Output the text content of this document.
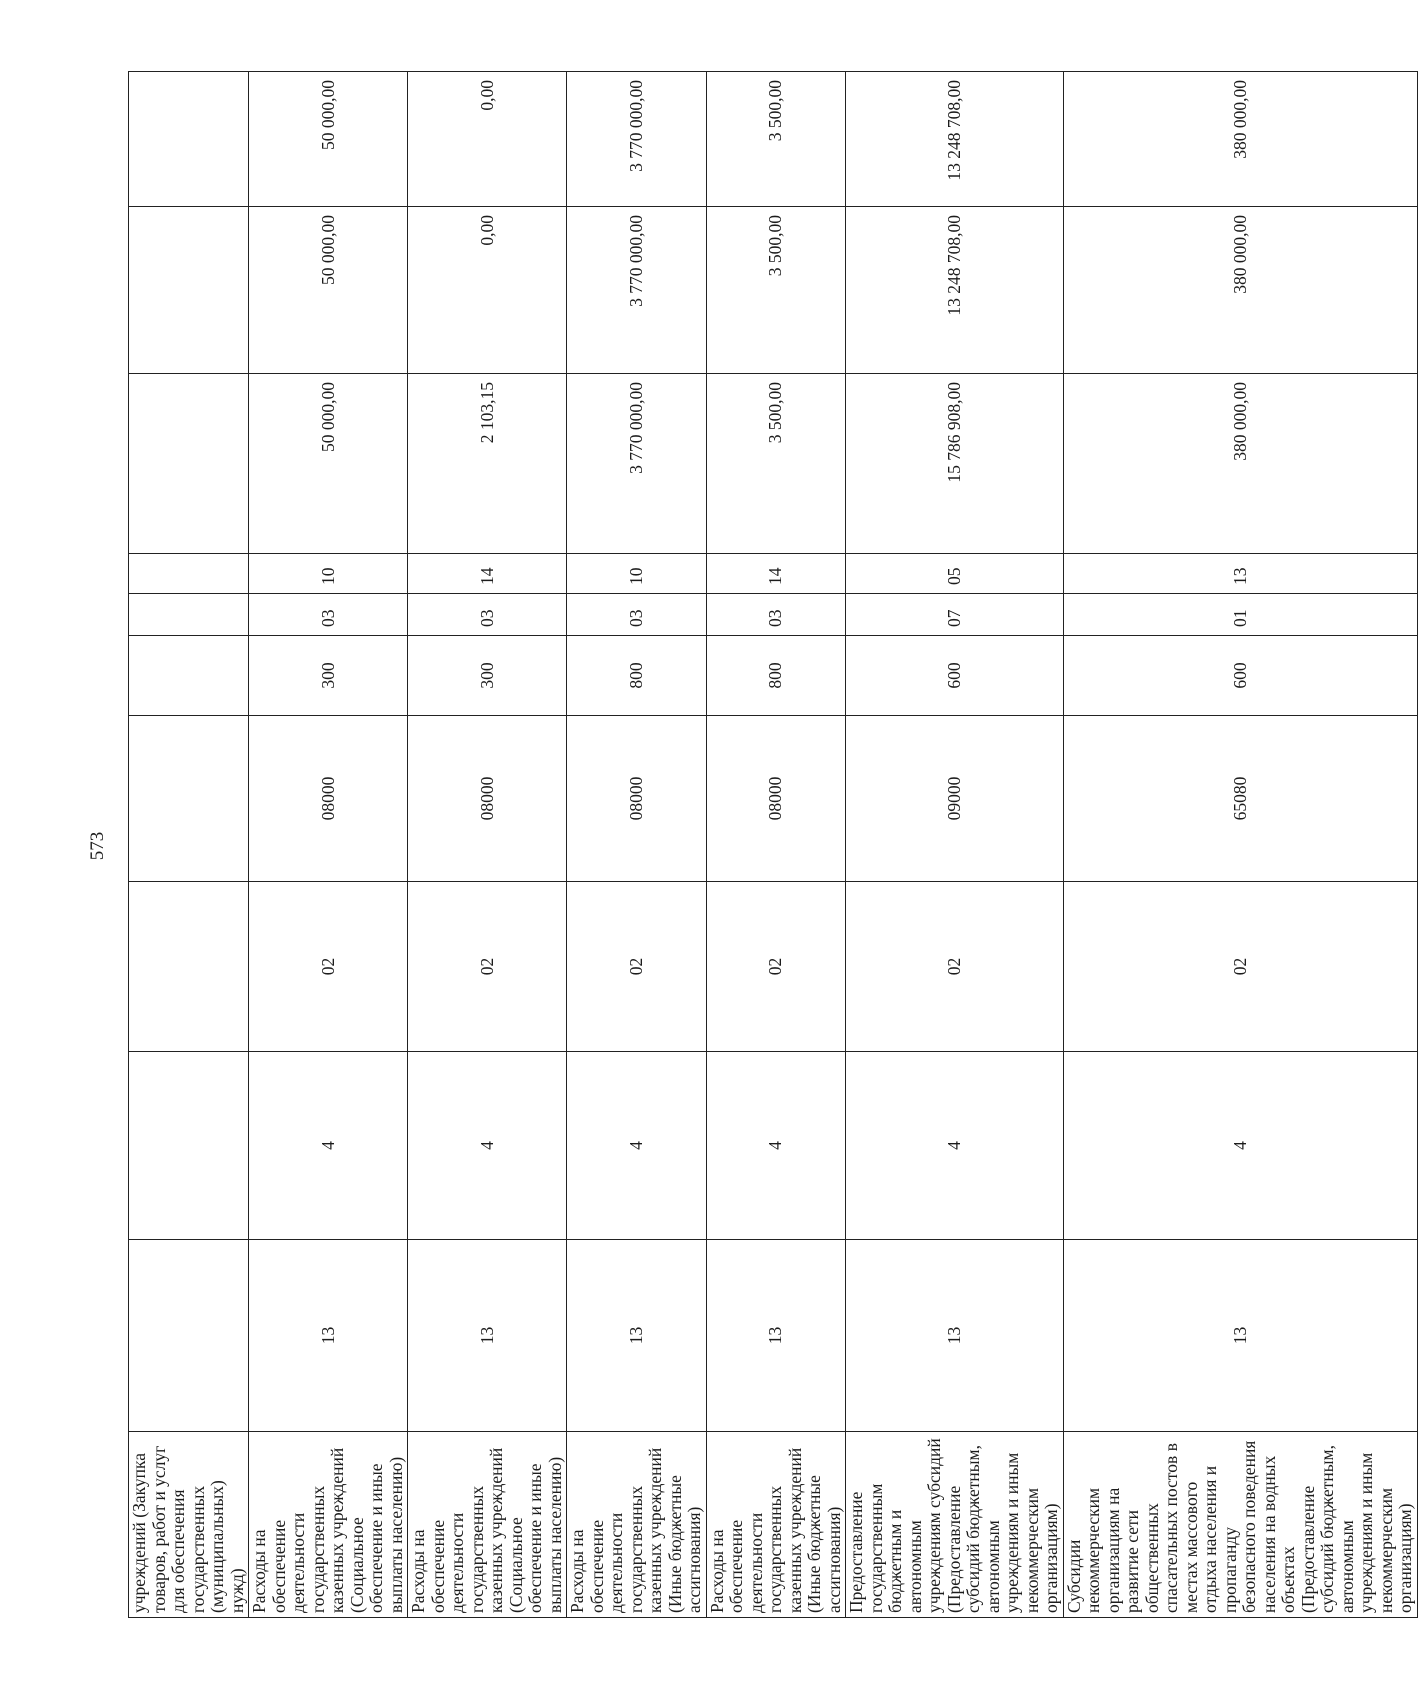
573
учреждений (Закупка товаров, работ и услуг для обеспечения государственных (муниципальных) нужд)										
Расходы на обеспечение деятельности государственных казенных учреждений (Социальное обеспечение и иные выплаты населению)	13	4	02	08000	300	03	10	50 000,00	50 000,00	50 000,00
Расходы на обеспечение деятельности государственных казенных учреждений (Социальное обеспечение и иные выплаты населению)	13	4	02	08000	300	03	14	2 103,15	0,00	0,00
Расходы на обеспечение деятельности государственных казенных учреждений (Иные бюджетные ассигнования)	13	4	02	08000	800	03	10	3 770 000,00	3 770 000,00	3 770 000,00
Расходы на обеспечение деятельности государственных казенных учреждений (Иные бюджетные ассигнования)	13	4	02	08000	800	03	14	3 500,00	3 500,00	3 500,00
Предоставление государственным бюджетным и автономным учреждениям субсидий (Предоставление субсидий бюджетным, автономным учреждениям и иным некоммерческим организациям)	13	4	02	09000	600	07	05	15 786 908,00	13 248 708,00	13 248 708,00
Субсидии некоммерческим организациям на развитие сети общественных спасательных постов в местах массового отдыха населения и пропаганду безопасного поведения населения на водных объектах (Предоставление субсидий бюджетным, автономным учреждениям и иным некоммерческим организациям)	13	4	02	65080	600	01	13	380 000,00	380 000,00	380 000,00
